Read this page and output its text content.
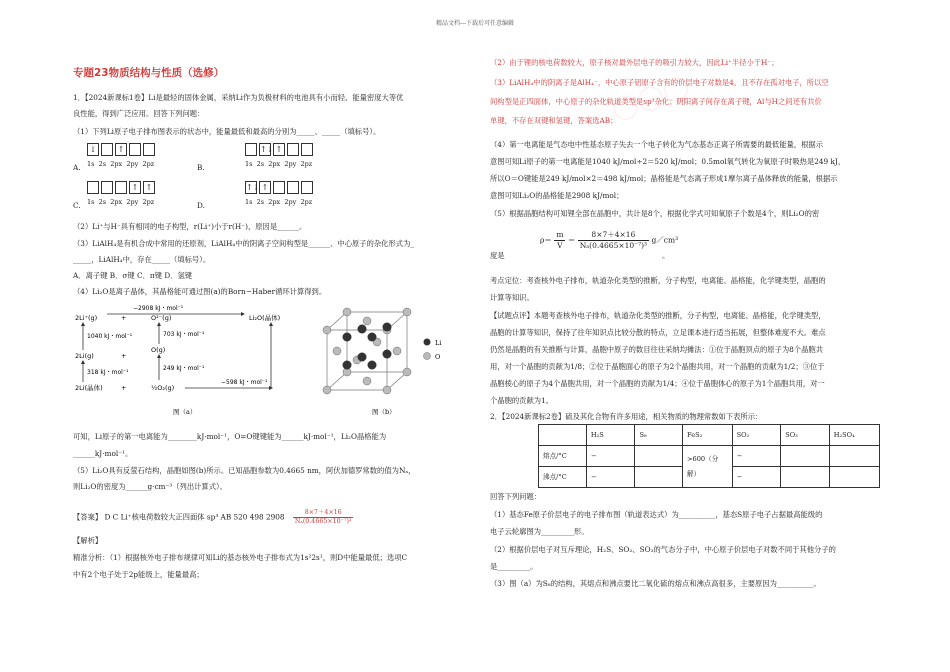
精品文档---下载后可任意编辑
专题23物质结构与性质（选修）
1．【2024新课标1卷】Li是最轻的固体金属，采纳Li作为负极材料的电池具有小而轻、能量密度大等优
良性能，得到广泛应用。回答下列问题：
（1）下列Li原子电子排布图表示的状态中，能量最低和最高的分别为_____、_____（填标号）。
↓	↑	↑↓ ↑
↑ ↑	↑↓ ↑
1s 2s 2px 2py 2pz	1s 2s 2px 2py 2pz
1s 2s 2px 2py 2pz	1s 2s 2px 2py 2pz
A.	B.
C.	D.
（2）Li⁺与H⁻具有相同的电子构型，r(Li⁺)小于r(H⁻)，原因是______。
（3）LiAlH₄是有机合成中常用的还原剂，LiAlH₄中的阴离子空间构型是______、中心原子的杂化形式为_
_____，LiAlH₄中，存在_____（填标号）。
A．离子键 B．σ键 C．π键 D．氢键
（4）Li₂O是离子晶体，其晶格能可通过图(a)的Born−Haber循环计算得到。
−2908 kJ・mol⁻¹
2Li⁺(g)	+	O²⁻(g)	Li₂O(晶体)
1040 kJ・mol⁻¹	703 kJ・mol⁻¹
2Li(g)	+
O(g)
318 kJ・mol⁻¹
249 kJ・mol⁻¹
2Li(晶体)	+	½O₂(g)
−598 kJ・mol⁻¹
图（a）
Li
O
图（b）
可知，Li原子的第一电离能为________kJ·mol⁻¹，O=O键键能为______kJ·mol⁻¹，Li₂O晶格能为
______kJ·mol⁻¹。
（5）Li₂O具有反萤石结构，晶胞如图(b)所示。已知晶胞参数为0.4665 nm，阿伏加德罗常数的值为Nₐ，
则Li₂O的密度为______g·cm⁻³（列出计算式）。
【答案】 D C Li⁺核电荷数较大正四面体 sp³ AB 520 498 $2908 \frac{8\times 7+4\times 16}{\text{Nₐ(0.4665×10⁻⁷)³}}$
【解析】
精准分析：（1）根据核外电子排布规律可知Li的基态核外电子排布式为1s²2s¹，则D中能量最低；选项C
中有2个电子处于2p能级上，能量最高；
◯◯◯
（2）由于锂的核电荷数较大，原子核对最外层电子的吸引力较大，因此Li⁺半径小于H⁻；
（3）LiAlH₄中的阴离子是AlH₄⁻，中心原子铝原子含有的价层电子对数是4，且不存在孤对电子，所以空
间构型是正四面体，中心原子的杂化轨道类型是sp³杂化；阴阳离子间存在离子键，Al与H之间还有共价
单键，不存在双键和氢键，答案选AB；
（4）第一电离能是气态电中性基态原子失去一个电子转化为气态基态正离子所需要的最低能量，根据示
意图可知Li原子的第一电离能是1040 kJ/mol÷2＝520 kJ/mol；0.5mol氧气转化为氧原子时吸热是249 kJ，
所以O＝O键能是249 kJ/mol×2＝498 kJ/mol；晶格能是气态离子形成1摩尔离子晶体释放的能量，根据示
意图可知Li₂O的晶格能是2908 kJ/mol；
（5）根据晶胞结构可知锂全部在晶胞中，共计是8个，根据化学式可知氧原子个数是4个，则Li₂O的密
$\rho= \frac{m}{V} = \frac{8\times 7+4\times 16}{\text{Nₐ(0.4665×10⁻⁷)³}}$ g／cm³
度是	。
考点定位：考查核外电子排布，轨道杂化类型的推断，分子构型，电离能、晶格能，化学键类型，晶胞的
计算等知识。
【试题点评】本题考查核外电子排布，轨道杂化类型的推断，分子构型，电离能、晶格能，化学键类型，
晶胞的计算等知识，保持了往年知识点比较分散的特点，立足课本进行适当拓展，但整体难度不大。难点
仍然是晶胞的有关推断与计算，晶胞中原子的数目往往采纳均摊法：①位于晶胞顶点的原子为8个晶胞共
用，对一个晶胞的贡献为1/8；②位于晶胞面心的原子为2个晶胞共用，对一个晶胞的贡献为1/2；③位于
晶胞棱心的原子为4个晶胞共用，对一个晶胞的贡献为1/4；④位于晶胞体心的原子为1个晶胞共用，对一
个晶胞的贡献为1。
2．【2024新课标2卷】硫及其化合物有许多用途，相关物质的物理常数如下表所示：
	H₂S	S₈	FeS₂	SO₂	SO₃	H₂SO₄
熔点/°C	−		>600（分解）	−		
沸点/°C	−			−		
回答下列问题：
（1）基态Fe原子价层电子的电子排布图（轨道表达式）为__________，基态S原子电子占据最高能级的
电子云轮廓图为_________形。
（2）根据价层电子对互斥理论，H₂S、SO₂、SO₃的气态分子中，中心原子价层电子对数不同于其他分子的
是_________。
（3）图（a）为S₈的结构，其熔点和沸点要比二氧化硫的熔点和沸点高很多，主要原因为__________。
